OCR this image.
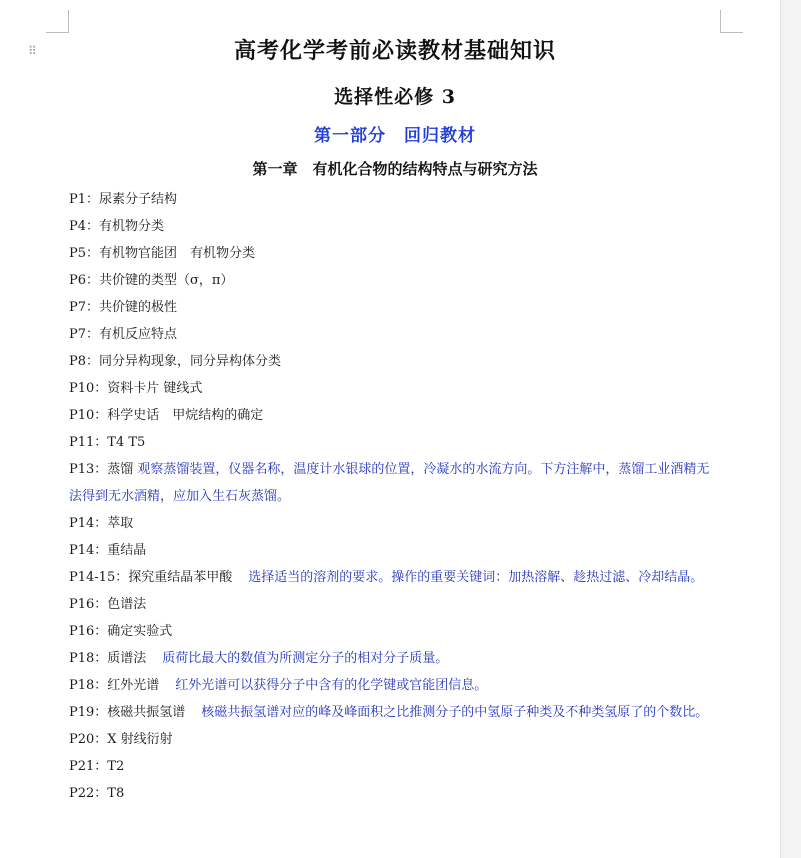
⠿	高考化学考前必读教材基础知识
选择性必修 3
第一部分　回归教材
第一章　有机化合物的结构特点与研究方法

P1：尿素分子结构

P4：有机物分类

P5：有机物官能团　有机物分类

P6：共价键的类型（σ，π）

P7：共价键的极性

P7：有机反应特点

P8：同分异构现象，同分异构体分类

P10：资料卡片 键线式

P10：科学史话　甲烷结构的确定

P11：T4 T5

P13：蒸馏 观察蒸馏装置，仪器名称，温度计水银球的位置，冷凝水的水流方向。下方注解中，蒸馏工业酒精无法得到无水酒精，应加入生石灰蒸馏。

P14：萃取

P14：重结晶

P14-15：探究重结晶苯甲酸 选择适当的溶剂的要求。操作的重要关键词：加热溶解、趁热过滤、冷却结晶。

P16：色谱法

P16：确定实验式

P18：质谱法 质荷比最大的数值为所测定分子的相对分子质量。

P18：红外光谱 红外光谱可以获得分子中含有的化学键或官能团信息。

P19：核磁共振氢谱 核磁共振氢谱对应的峰及峰面积之比推测分子的中氢原子种类及不种类氢原了的个数比。

P20：X 射线衍射

P21：T2

P22：T8
